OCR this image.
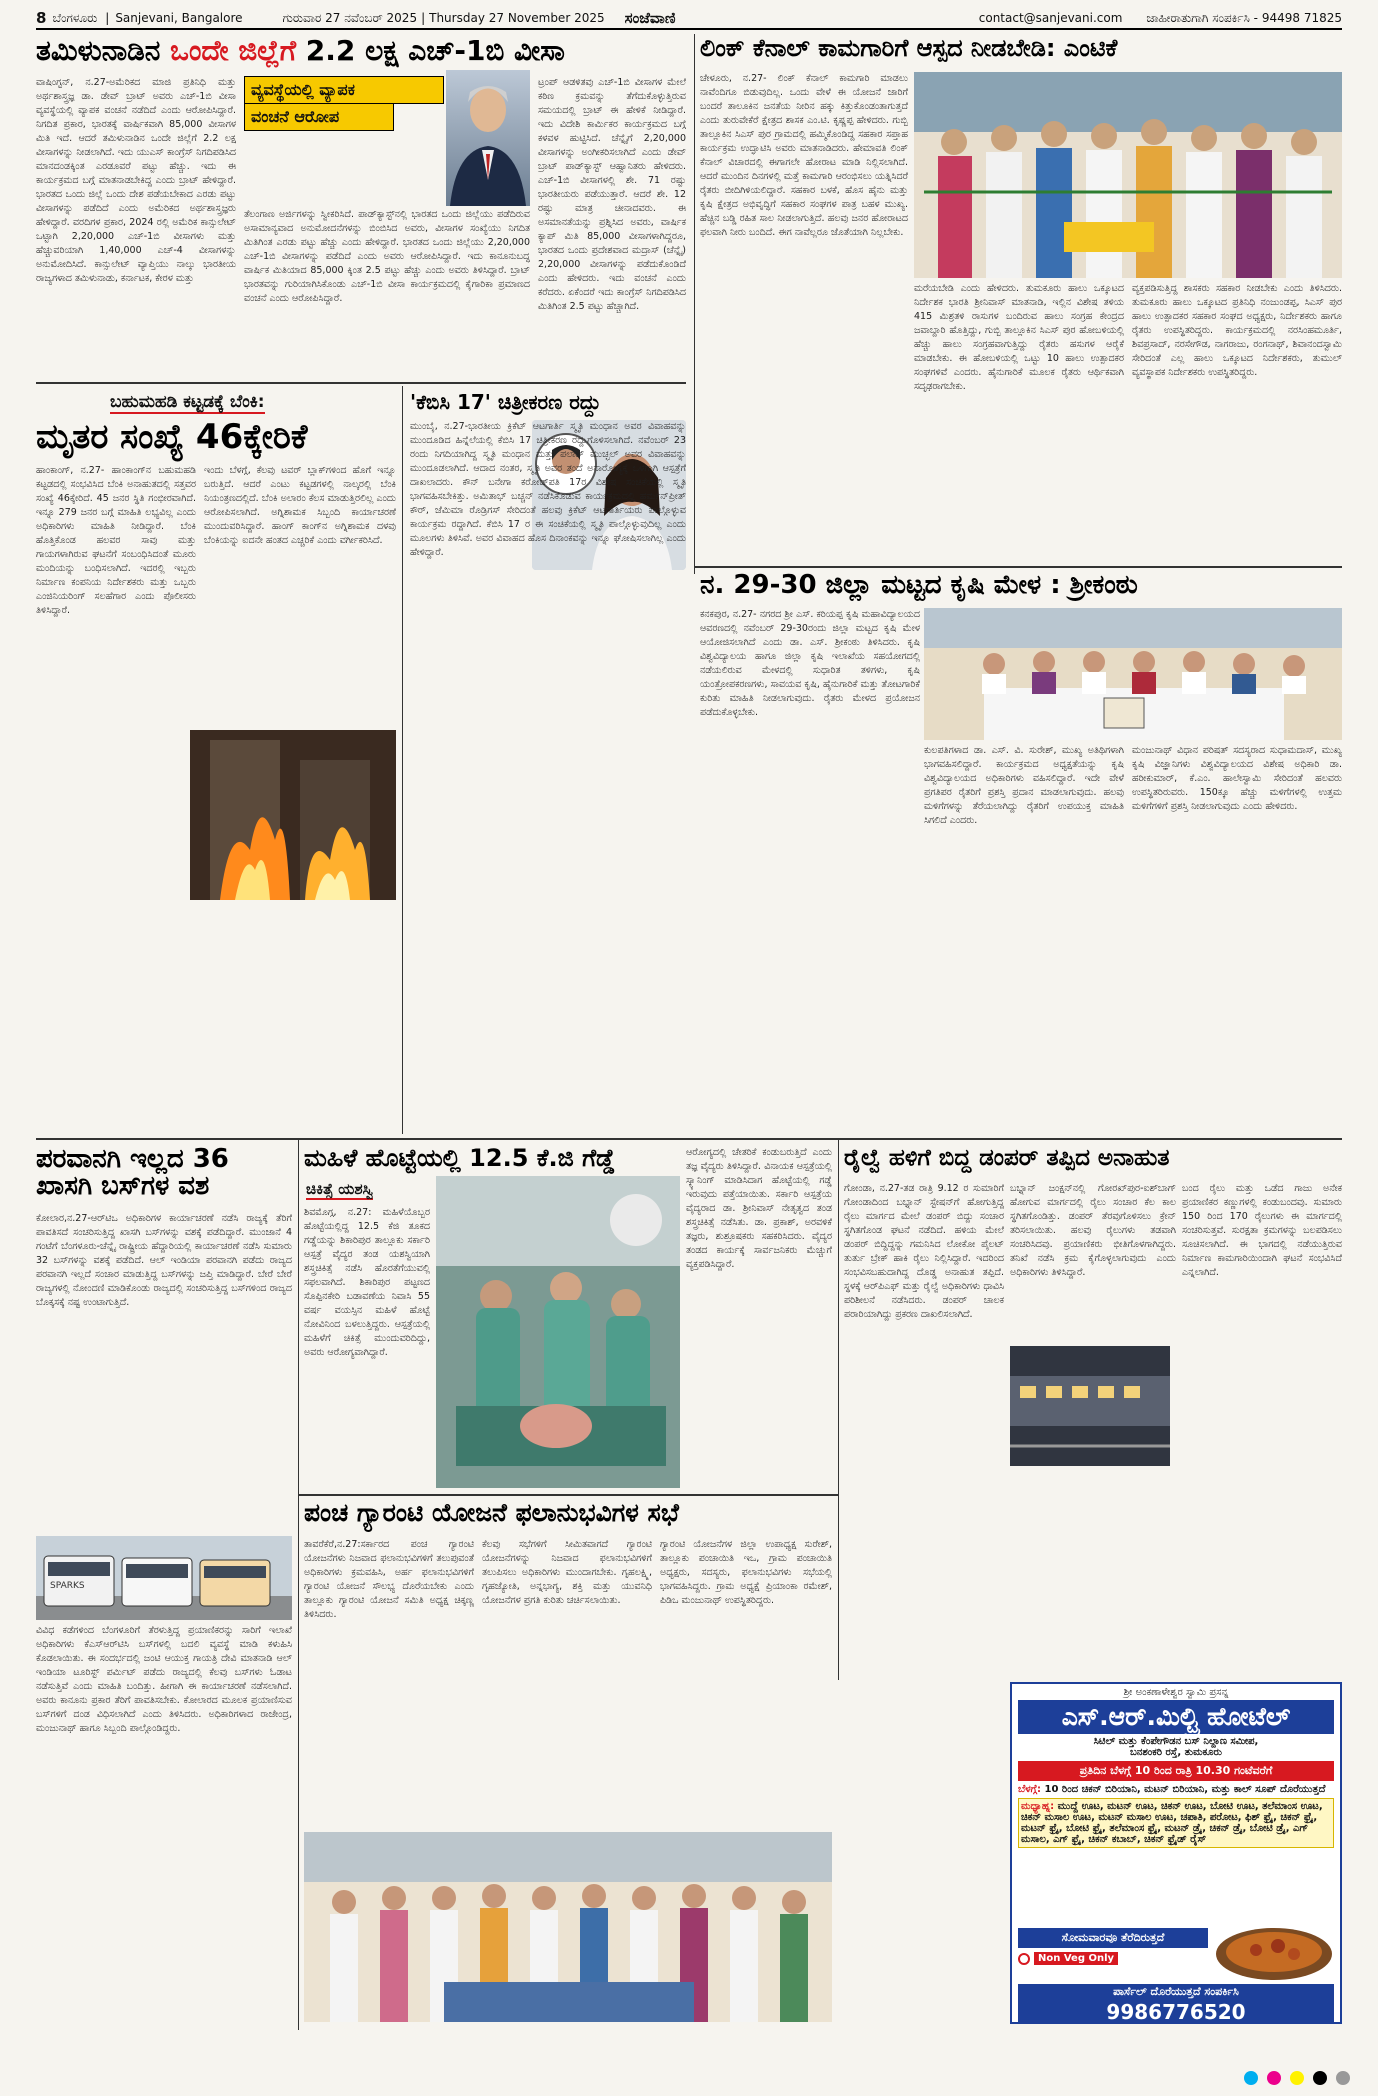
8 ಬೆಂಗಳೂರು | Sanjevani, Bangalore	ಗುರುವಾರ 27 ನವೆಂಬರ್ 2025 | Thursday 27 November 2025 ಸಂಜೆವಾಣಿ	contact@sanjevani.com ಜಾಹೀರಾತುಗಾಗಿ ಸಂಪರ್ಕಿಸಿ - 94498 71825
ತಮಿಳುನಾಡಿನ ಒಂದೇ ಜಿಲ್ಲೆಗೆ 2.2 ಲಕ್ಷ ಎಚ್-1ಬಿ ವೀಸಾ
ವಾಷಿಂಗ್ಟನ್, ನ.27-ಅಮೆರಿಕದ ಮಾಜಿ ಪ್ರತಿನಿಧಿ ಮತ್ತು ಅರ್ಥಶಾಸ್ತ್ರಜ್ಞ ಡಾ. ಡೇವ್ ಬ್ರಾಟ್ ಅವರು ಎಚ್-1ಬಿ ವೀಸಾ ವ್ಯವಸ್ಥೆಯಲ್ಲಿ ವ್ಯಾಪಕ ವಂಚನೆ ನಡೆದಿದೆ ಎಂದು ಆರೋಪಿಸಿದ್ದಾರೆ. ನಿಗದಿತ ಪ್ರಕಾರ, ಭಾರತಕ್ಕೆ ವಾರ್ಷಿಕವಾಗಿ 85,000 ವೀಸಾಗಳ ಮಿತಿ ಇದೆ. ಆದರೆ ತಮಿಳುನಾಡಿನ ಒಂದೇ ಜಿಲ್ಲೆಗೆ 2.2 ಲಕ್ಷ ವೀಸಾಗಳನ್ನು ನೀಡಲಾಗಿದೆ. ಇದು ಯುಎಸ್ ಕಾಂಗ್ರೆಸ್ ನಿಗದಿಪಡಿಸಿದ ಮಾನದಂಡಕ್ಕಿಂತ ಎರಡೂವರೆ ಪಟ್ಟು ಹೆಚ್ಚು. ಇದು ಈ ಕಾರ್ಯಕ್ರಮದ ಬಗ್ಗೆ ಮಾತನಾಡಬೇಕಿದ್ದ ಎಂದು ಬ್ರಾಟ್ ಹೇಳಿದ್ದಾರೆ. ಭಾರತದ ಒಂದು ಜಿಲ್ಲೆ ಒಂದು ದೇಶ ಪಡೆಯಬೇಕಾದ ಎರಡು ಪಟ್ಟು ವೀಸಾಗಳನ್ನು ಪಡೆದಿದೆ ಎಂದು ಅಮೆರಿಕದ ಅರ್ಥಶಾಸ್ತ್ರಜ್ಞರು ಹೇಳಿದ್ದಾರೆ. ವರದಿಗಳ ಪ್ರಕಾರ, 2024 ರಲ್ಲಿ ಅಮೆರಿಕ ಕಾನ್ಸುಲೇಟ್ ಒಟ್ಟಾಗಿ 2,20,000 ಎಚ್-1ಬಿ ವೀಸಾಗಳು ಮತ್ತು ಹೆಚ್ಚುವರಿಯಾಗಿ 1,40,000 ಎಚ್-4 ವೀಸಾಗಳನ್ನು ಅನುಮೋದಿಸಿದೆ. ಕಾನ್ಸುಲೇಟ್ ವ್ಯಾಪ್ತಿಯು ನಾಲ್ಕು ಭಾರತೀಯ ರಾಜ್ಯಗಳಾದ ತಮಿಳುನಾಡು, ಕರ್ನಾಟಕ, ಕೇರಳ ಮತ್ತು
ವ್ಯವಸ್ಥೆಯಲ್ಲಿ ವ್ಯಾಪಕ
ವಂಚನೆ ಆರೋಪ
ತೆಲಂಗಾಣ ಅರ್ಜಿಗಳನ್ನು ಸ್ವೀಕರಿಸಿದೆ. ಪಾಡ್‌ಕ್ಯಾಸ್ಟ್‌ನಲ್ಲಿ ಭಾರತದ ಒಂದು ಜಿಲ್ಲೆಯು ಪಡೆದಿರುವ ಅಸಾಮಾನ್ಯವಾದ ಅನುಮೋದನೆಗಳನ್ನು ಬಿಂಬಿಸಿದ ಅವರು, ವೀಸಾಗಳ ಸಂಖ್ಯೆಯು ನಿಗದಿತ ಮಿತಿಗಿಂತ ಎರಡು ಪಟ್ಟು ಹೆಚ್ಚು ಎಂದು ಹೇಳಿದ್ದಾರೆ. ಭಾರತದ ಒಂದು ಜಿಲ್ಲೆಯು 2,20,000 ಎಚ್-1ಬಿ ವೀಸಾಗಳನ್ನು ಪಡೆದಿದೆ ಎಂದು ಅವರು ಆರೋಪಿಸಿದ್ದಾರೆ. ಇದು ಕಾನೂನುಬದ್ಧ ವಾರ್ಷಿಕ ಮಿತಿಯಾದ 85,000 ಕ್ಕಿಂತ 2.5 ಪಟ್ಟು ಹೆಚ್ಚು ಎಂದು ಅವರು ತಿಳಿಸಿದ್ದಾರೆ. ಬ್ರಾಟ್ ಭಾರತವನ್ನು ಗುರಿಯಾಗಿಸಿಕೊಂಡು ಎಚ್-1ಬಿ ವೀಸಾ ಕಾರ್ಯಕ್ರಮದಲ್ಲಿ ಕೈಗಾರಿಕಾ ಪ್ರಮಾಣದ ವಂಚನೆ ಎಂದು ಆರೋಪಿಸಿದ್ದಾರೆ.
ಟ್ರಂಪ್ ಆಡಳಿತವು ಎಚ್-1ಬಿ ವೀಸಾಗಳ ಮೇಲೆ ಕಠಿಣ ಕ್ರಮವನ್ನು ತೆಗೆದುಕೊಳ್ಳುತ್ತಿರುವ ಸಮಯದಲ್ಲಿ ಬ್ರಾಟ್ ಈ ಹೇಳಿಕೆ ನೀಡಿದ್ದಾರೆ. ಇದು ವಿದೇಶಿ ಕಾರ್ಮಿಕರ ಕಾರ್ಯಕ್ರಮದ ಬಗ್ಗೆ ಕಳವಳ ಹುಟ್ಟಿಸಿದೆ. ಚೆನ್ನೈಗೆ 2,20,000 ವೀಸಾಗಳನ್ನು ಅಂಗೀಕರಿಸಲಾಗಿದೆ ಎಂದು ಡೇವ್ ಬ್ರಾಟ್ ಪಾಡ್‌ಕ್ಯಾಸ್ಟ್ ಆಹ್ವಾನಿತರು ಹೇಳಿದರು. ಎಚ್-1ಬಿ ವೀಸಾಗಳಲ್ಲಿ ಶೇ. 71 ರಷ್ಟು ಭಾರತೀಯರು ಪಡೆಯುತ್ತಾರೆ. ಆದರೆ ಶೇ. 12 ರಷ್ಟು ಮಾತ್ರ ಚೀನಾದವರು. ಈ ಅಸಮಾನತೆಯನ್ನು ಪ್ರಶ್ನಿಸಿದ ಅವರು, ವಾರ್ಷಿಕ ಕ್ಯಾಪ್ ಮಿತಿ 85,000 ವೀಸಾಗಳಾಗಿದ್ದರೂ, ಭಾರತದ ಒಂದು ಪ್ರದೇಶವಾದ ಮದ್ರಾಸ್ (ಚೆನ್ನೈ) 2,20,000 ವೀಸಾಗಳನ್ನು ಪಡೆದುಕೊಂಡಿದೆ ಎಂದು ಹೇಳಿದರು. ಇದು ವಂಚನೆ ಎಂದು ಕರೆದರು. ಏಕೆಂದರೆ ಇದು ಕಾಂಗ್ರೆಸ್ ನಿಗದಿಪಡಿಸಿದ ಮಿತಿಗಿಂತ 2.5 ಪಟ್ಟು ಹೆಚ್ಚಾಗಿದೆ.
ಲಿಂಕ್ ಕೆನಾಲ್ ಕಾಮಗಾರಿಗೆ ಆಸ್ಪದ ನೀಡಬೇಡಿ: ಎಂಟಿಕೆ
ಚೇಳೂರು, ನ.27- ಲಿಂಕ್ ಕೆನಾಲ್ ಕಾಮಗಾರಿ ಮಾಡಲು ನಾವೆಂದಿಗೂ ಬಿಡುವುದಿಲ್ಲ. ಒಂದು ವೇಳೆ ಈ ಯೋಜನೆ ಜಾರಿಗೆ ಬಂದರೆ ತಾಲೂಕಿನ ಜನತೆಯ ನೀರಿನ ಹಕ್ಕು ಕಿತ್ತುಕೊಂಡಂತಾಗುತ್ತದೆ ಎಂದು ತುರುವೇಕೆರೆ ಕ್ಷೇತ್ರದ ಶಾಸಕ ಎಂ.ಟಿ. ಕೃಷ್ಣಪ್ಪ ಹೇಳಿದರು. ಗುಬ್ಬಿ ತಾಲ್ಲೂಕಿನ ಸಿಎಸ್ ಪುರ ಗ್ರಾಮದಲ್ಲಿ ಹಮ್ಮಿಕೊಂಡಿದ್ದ ಸಹಕಾರ ಸಪ್ತಾಹ ಕಾರ್ಯಕ್ರಮ ಉದ್ಘಾಟಿಸಿ ಅವರು ಮಾತನಾಡಿದರು. ಹೇಮಾವತಿ ಲಿಂಕ್ ಕೆನಾಲ್ ವಿಚಾರದಲ್ಲಿ ಈಗಾಗಲೇ ಹೋರಾಟ ಮಾಡಿ ನಿಲ್ಲಿಸಲಾಗಿದೆ. ಆದರೆ ಮುಂದಿನ ದಿನಗಳಲ್ಲಿ ಮತ್ತೆ ಕಾಮಗಾರಿ ಆರಂಭಿಸಲು ಯತ್ನಿಸಿದರೆ ರೈತರು ಬೀದಿಗಿಳಿಯಲಿದ್ದಾರೆ. ಸಹಕಾರ ಬಳಕೆ, ಹೊಸ ಹೈನು ಮತ್ತು ಕೃಷಿ ಕ್ಷೇತ್ರದ ಅಭಿವೃದ್ಧಿಗೆ ಸಹಕಾರ ಸಂಘಗಳ ಪಾತ್ರ ಬಹಳ ಮುಖ್ಯ. ಹೆಚ್ಚಿನ ಬಡ್ಡಿ ರಹಿತ ಸಾಲ ನೀಡಲಾಗುತ್ತಿದೆ. ಹಲವು ಜನರ ಹೋರಾಟದ ಫಲವಾಗಿ ನೀರು ಬಂದಿದೆ. ಈಗ ನಾವೆಲ್ಲರೂ ಜೊತೆಯಾಗಿ ನಿಲ್ಲಬೇಕು.
ಮರೆಯಬೇಡಿ ಎಂದು ಹೇಳಿದರು. ತುಮಕೂರು ಹಾಲು ಒಕ್ಕೂಟದ ನಿರ್ದೇಶಕ ಭಾರತಿ ಶ್ರೀನಿವಾಸ್ ಮಾತನಾಡಿ, ಇಲ್ಲಿನ ವಿಶೇಷ ತಳಿಯ 415 ಮಿಶ್ರತಳಿ ರಾಸುಗಳ ಬಂದಿರುವ ಹಾಲು ಸಂಗ್ರಹ ಕೇಂದ್ರದ ಜವಾಬ್ದಾರಿ ಹೊತ್ತಿದ್ದು, ಗುಬ್ಬಿ ತಾಲ್ಲೂಕಿನ ಸಿಎಸ್ ಪುರ ಹೋಬಳಿಯಲ್ಲಿ ಹೆಚ್ಚು ಹಾಲು ಸಂಗ್ರಹವಾಗುತ್ತಿದ್ದು ರೈತರು ಹಸುಗಳ ಆರೈಕೆ ಮಾಡಬೇಕು. ಈ ಹೋಬಳಿಯಲ್ಲಿ ಒಟ್ಟು 10 ಹಾಲು ಉತ್ಪಾದಕರ ಸಂಘಗಳಿವೆ ಎಂದರು. ಹೈನುಗಾರಿಕೆ ಮೂಲಕ ರೈತರು ಆರ್ಥಿಕವಾಗಿ ಸದೃಢರಾಗಬೇಕು.
ವ್ಯಕ್ತಪಡಿಸುತ್ತಿದ್ದ ಶಾಸಕರು ಸಹಕಾರ ನೀಡಬೇಕು ಎಂದು ತಿಳಿಸಿದರು. ತುಮಕೂರು ಹಾಲು ಒಕ್ಕೂಟದ ಪ್ರತಿನಿಧಿ ನಂಜುಂಡಪ್ಪ, ಸಿಎಸ್ ಪುರ ಹಾಲು ಉತ್ಪಾದಕರ ಸಹಕಾರ ಸಂಘದ ಅಧ್ಯಕ್ಷರು, ನಿರ್ದೇಶಕರು ಹಾಗೂ ರೈತರು ಉಪಸ್ಥಿತರಿದ್ದರು. ಕಾರ್ಯಕ್ರಮದಲ್ಲಿ ನರಸಿಂಹಮೂರ್ತಿ, ಶಿವಪ್ರಸಾದ್, ನರಸೇಗೌಡ, ನಾಗರಾಜು, ರಂಗನಾಥ್, ಶಿವಾನಂದಸ್ವಾಮಿ ಸೇರಿದಂತೆ ಎಲ್ಲ ಹಾಲು ಒಕ್ಕೂಟದ ನಿರ್ದೇಶಕರು, ತುಮುಲ್ ವ್ಯವಸ್ಥಾಪಕ ನಿರ್ದೇಶಕರು ಉಪಸ್ಥಿತರಿದ್ದರು.
ಬಹುಮಹಡಿ ಕಟ್ಟಡಕ್ಕೆ ಬೆಂಕಿ:
ಮೃತರ ಸಂಖ್ಯೆ 46ಕ್ಕೇರಿಕೆ
ಹಾಂಕಾಂಗ್, ನ.27- ಹಾಂಕಾಂಗ್‌ನ ಬಹುಮಹಡಿ ಕಟ್ಟಡದಲ್ಲಿ ಸಂಭವಿಸಿದ ಬೆಂಕಿ ಅನಾಹುತದಲ್ಲಿ ಸತ್ತವರ ಸಂಖ್ಯೆ 46ಕ್ಕೇರಿದೆ. 45 ಜನರ ಸ್ಥಿತಿ ಗಂಭೀರವಾಗಿದೆ. ಇನ್ನೂ 279 ಜನರ ಬಗ್ಗೆ ಮಾಹಿತಿ ಲಭ್ಯವಿಲ್ಲ ಎಂದು ಅಧಿಕಾರಿಗಳು ಮಾಹಿತಿ ನೀಡಿದ್ದಾರೆ. ಬೆಂಕಿ ಹೊತ್ತಿಕೊಂಡ ಹಲವರ ಸಾವು ಮತ್ತು ಗಾಯಗಳಾಗಿರುವ ಘಟನೆಗೆ ಸಂಬಂಧಿಸಿದಂತೆ ಮೂರು ಮಂದಿಯನ್ನು ಬಂಧಿಸಲಾಗಿದೆ. ಇದರಲ್ಲಿ ಇಬ್ಬರು ನಿರ್ಮಾಣ ಕಂಪನಿಯ ನಿರ್ದೇಶಕರು ಮತ್ತು ಒಬ್ಬರು ಎಂಜಿನಿಯರಿಂಗ್ ಸಲಹೆಗಾರ ಎಂದು ಪೊಲೀಸರು ತಿಳಿಸಿದ್ದಾರೆ.
ಇಂದು ಬೆಳಗ್ಗೆ, ಕೆಲವು ಟವರ್ ಬ್ಲಾಕ್‌ಗಳಿಂದ ಹೊಗೆ ಇನ್ನೂ ಬರುತ್ತಿದೆ. ಆದರೆ ಎಂಟು ಕಟ್ಟಡಗಳಲ್ಲಿ ನಾಲ್ಕರಲ್ಲಿ ಬೆಂಕಿ ನಿಯಂತ್ರಣದಲ್ಲಿದೆ. ಬೆಂಕಿ ಅಲಾರಂ ಕೆಲಸ ಮಾಡುತ್ತಿರಲಿಲ್ಲ ಎಂದು ಆರೋಪಿಸಲಾಗಿದೆ. ಅಗ್ನಿಶಾಮಕ ಸಿಬ್ಬಂದಿ ಕಾರ್ಯಾಚರಣೆ ಮುಂದುವರಿಸಿದ್ದಾರೆ. ಹಾಂಗ್ ಕಾಂಗ್‌ನ ಅಗ್ನಿಶಾಮಕ ದಳವು ಬೆಂಕಿಯನ್ನು ಐದನೇ ಹಂತದ ಎಚ್ಚರಿಕೆ ಎಂದು ವರ್ಗೀಕರಿಸಿದೆ.
'ಕೆಬಿಸಿ 17' ಚಿತ್ರೀಕರಣ ರದ್ದು
ಮುಂಬೈ, ನ.27-ಭಾರತೀಯ ಕ್ರಿಕೆಟ್ ಆಟಗಾರ್ತಿ ಸ್ಮೃತಿ ಮಂಧಾನ ಅವರ ವಿವಾಹವನ್ನು ಮುಂದೂಡಿದ ಹಿನ್ನೆಲೆಯಲ್ಲಿ ಕೆಬಿಸಿ 17 ಚಿತ್ರೀಕರಣ ರದ್ದುಗೊಳಿಸಲಾಗಿದೆ. ನವೆಂಬರ್ 23 ರಂದು ನಿಗದಿಯಾಗಿದ್ದ ಸ್ಮೃತಿ ಮಂಧಾನ ಮತ್ತು ಪಲಾಶ್ ಮುಚ್ಛಲ್ ಅವರ ವಿವಾಹವನ್ನು ಮುಂದೂಡಲಾಗಿದೆ. ಆದಾದ ನಂತರ, ಸ್ಮೃತಿ ಅವರ ತಂದೆ ಅನಾರೋಗ್ಯಕ್ಕೆ ಒಳಗಾಗಿ ಆಸ್ಪತ್ರೆಗೆ ದಾಖಲಾದರು. ಕೌನ್ ಬನೇಗಾ ಕರೋಡ್‌ಪತಿ 17ರ ವಿಶೇಷ ಸಂಚಿಕೆಯಲ್ಲಿ ಸ್ಮೃತಿ ಭಾಗವಹಿಸಬೇಕಿತ್ತು. ಅಮಿತಾಭ್ ಬಚ್ಚನ್ ನಡೆಸಿಕೊಡುವ ಕಾರ್ಯಕ್ರಮದಲ್ಲಿ ಹರ್ಮನ್‌ಪ್ರೀತ್ ಕೌರ್, ಜೆಮಿಮಾ ರೊಡ್ರಿಗಸ್ ಸೇರಿದಂತೆ ಹಲವು ಕ್ರಿಕೆಟ್ ಆಟಗಾರ್ತಿಯರು ಪಾಲ್ಗೊಳ್ಳುವ ಕಾರ್ಯಕ್ರಮ ರದ್ದಾಗಿದೆ. ಕೆಬಿಸಿ 17 ರ ಈ ಸಂಚಿಕೆಯಲ್ಲಿ ಸ್ಮೃತಿ ಪಾಲ್ಗೊಳ್ಳುವುದಿಲ್ಲ ಎಂದು ಮೂಲಗಳು ತಿಳಿಸಿವೆ. ಅವರ ವಿವಾಹದ ಹೊಸ ದಿನಾಂಕವನ್ನು ಇನ್ನೂ ಘೋಷಿಸಲಾಗಿಲ್ಲ ಎಂದು ಹೇಳಿದ್ದಾರೆ.
ನ. 29-30 ಜಿಲ್ಲಾ ಮಟ್ಟದ ಕೃಷಿ ಮೇಳ : ಶ್ರೀಕಂಠು
ಕನಕಪುರ, ನ.27- ನಗರದ ಶ್ರೀ ಎಸ್. ಕರಿಯಪ್ಪ ಕೃಷಿ ಮಹಾವಿದ್ಯಾಲಯದ ಆವರಣದಲ್ಲಿ ನವೆಂಬರ್ 29-30ರಂದು ಜಿಲ್ಲಾ ಮಟ್ಟದ ಕೃಷಿ ಮೇಳ ಆಯೋಜಿಸಲಾಗಿದೆ ಎಂದು ಡಾ. ಎಸ್. ಶ್ರೀಕಂಠು ತಿಳಿಸಿದರು. ಕೃಷಿ ವಿಶ್ವವಿದ್ಯಾಲಯ ಹಾಗೂ ಜಿಲ್ಲಾ ಕೃಷಿ ಇಲಾಖೆಯ ಸಹಯೋಗದಲ್ಲಿ ನಡೆಯಲಿರುವ ಮೇಳದಲ್ಲಿ ಸುಧಾರಿತ ತಳಿಗಳು, ಕೃಷಿ ಯಂತ್ರೋಪಕರಣಗಳು, ಸಾವಯವ ಕೃಷಿ, ಹೈನುಗಾರಿಕೆ ಮತ್ತು ತೋಟಗಾರಿಕೆ ಕುರಿತು ಮಾಹಿತಿ ನೀಡಲಾಗುವುದು. ರೈತರು ಮೇಳದ ಪ್ರಯೋಜನ ಪಡೆದುಕೊಳ್ಳಬೇಕು.
ಕುಲಪತಿಗಳಾದ ಡಾ. ಎಸ್. ವಿ. ಸುರೇಶ್, ಮುಖ್ಯ ಅತಿಥಿಗಳಾಗಿ ಭಾಗವಹಿಸಲಿದ್ದಾರೆ. ಕಾರ್ಯಕ್ರಮದ ಅಧ್ಯಕ್ಷತೆಯನ್ನು ಕೃಷಿ ವಿಶ್ವವಿದ್ಯಾಲಯದ ಅಧಿಕಾರಿಗಳು ವಹಿಸಲಿದ್ದಾರೆ. ಇದೇ ವೇಳೆ ಪ್ರಗತಿಪರ ರೈತರಿಗೆ ಪ್ರಶಸ್ತಿ ಪ್ರದಾನ ಮಾಡಲಾಗುವುದು. ಹಲವು ಮಳಿಗೆಗಳನ್ನು ತೆರೆಯಲಾಗಿದ್ದು ರೈತರಿಗೆ ಉಪಯುಕ್ತ ಮಾಹಿತಿ ಸಿಗಲಿದೆ ಎಂದರು.
ಮಂಜುನಾಥ್ ವಿಧಾನ ಪರಿಷತ್ ಸದಸ್ಯರಾದ ಸುಧಾಮದಾಸ್, ಮುಖ್ಯ ಕೃಷಿ ವಿಜ್ಞಾನಿಗಳು ವಿಶ್ವವಿದ್ಯಾಲಯದ ವಿಶೇಷ ಅಧಿಕಾರಿ ಡಾ. ಹರೀಕುಮಾರ್, ಕೆ.ಎಂ. ಹಾಲೇಸ್ವಾಮಿ ಸೇರಿದಂತೆ ಹಲವರು ಉಪಸ್ಥಿತರಿರುವರು. 150ಕ್ಕೂ ಹೆಚ್ಚು ಮಳಿಗೆಗಳಲ್ಲಿ ಉತ್ತಮ ಮಳಿಗೆಗಳಿಗೆ ಪ್ರಶಸ್ತಿ ನೀಡಲಾಗುವುದು ಎಂದು ಹೇಳಿದರು.
ಪರವಾನಗಿ ಇಲ್ಲದ 36
ಖಾಸಗಿ ಬಸ್‌ಗಳ ವಶ
ಕೋಲಾರ,ನ.27-ಆರ್‌ಟಿಒ ಅಧಿಕಾರಿಗಳ ಕಾರ್ಯಾಚರಣೆ ನಡೆಸಿ ರಾಜ್ಯಕ್ಕೆ ತೆರಿಗೆ ಪಾವತಿಸದೆ ಸಂಚರಿಸುತ್ತಿದ್ದ ಖಾಸಗಿ ಬಸ್‌ಗಳನ್ನು ವಶಕ್ಕೆ ಪಡೆದಿದ್ದಾರೆ. ಮುಂಜಾನೆ 4 ಗಂಟೆಗೆ ಬೆಂಗಳೂರು-ಚೆನ್ನೈ ರಾಷ್ಟ್ರೀಯ ಹೆದ್ದಾರಿಯಲ್ಲಿ ಕಾರ್ಯಾಚರಣೆ ನಡೆಸಿ ಸುಮಾರು 32 ಬಸ್‌ಗಳನ್ನು ವಶಕ್ಕೆ ಪಡೆದಿದೆ. ಆಲ್ ಇಂಡಿಯಾ ಪರವಾನಗಿ ಪಡೆದು ರಾಜ್ಯದ ಪರವಾನಗಿ ಇಲ್ಲದೆ ಸಂಚಾರ ಮಾಡುತ್ತಿದ್ದ ಬಸ್‌ಗಳನ್ನು ಜಪ್ತಿ ಮಾಡಿದ್ದಾರೆ. ಬೇರೆ ಬೇರೆ ರಾಜ್ಯಗಳಲ್ಲಿ ನೋಂದಣಿ ಮಾಡಿಕೊಂಡು ರಾಜ್ಯದಲ್ಲಿ ಸಂಚರಿಸುತ್ತಿದ್ದ ಬಸ್‌ಗಳಿಂದ ರಾಜ್ಯದ ಬೊಕ್ಕಸಕ್ಕೆ ನಷ್ಟ ಉಂಟಾಗುತ್ತಿದೆ.
SPARKS
ವಿವಿಧ ಕಡೆಗಳಿಂದ ಬೆಂಗಳೂರಿಗೆ ತೆರಳುತ್ತಿದ್ದ ಪ್ರಯಾಣಿಕರನ್ನು ಸಾರಿಗೆ ಇಲಾಖೆ ಅಧಿಕಾರಿಗಳು ಕೆಎಸ್‌ಆರ್‌ಟಿಸಿ ಬಸ್‌ಗಳಲ್ಲಿ ಬದಲಿ ವ್ಯವಸ್ಥೆ ಮಾಡಿ ಕಳುಹಿಸಿ ಕೊಡಲಾಯಿತು. ಈ ಸಂದರ್ಭದಲ್ಲಿ ಜಂಟಿ ಆಯುಕ್ತ ಗಾಯತ್ರಿ ದೇವಿ ಮಾತನಾಡಿ ಆಲ್ ಇಂಡಿಯಾ ಟೂರಿಸ್ಟ್ ಪರ್ಮಿಟ್ ಪಡೆದು ರಾಜ್ಯದಲ್ಲಿ ಕೆಲವು ಬಸ್‌ಗಳು ಓಡಾಟ ನಡೆಸುತ್ತಿವೆ ಎಂದು ಮಾಹಿತಿ ಬಂದಿತ್ತು. ಹೀಗಾಗಿ ಈ ಕಾರ್ಯಾಚರಣೆ ನಡೆಸಲಾಗಿದೆ. ಅವರು ಕಾನೂನು ಪ್ರಕಾರ ತೆರಿಗೆ ಪಾವತಿಸಬೇಕು. ಕೋಲಾರದ ಮೂಲಕ ಪ್ರಯಾಣಿಸುವ ಬಸ್‌ಗಳಿಗೆ ದಂಡ ವಿಧಿಸಲಾಗಿದೆ ಎಂದು ತಿಳಿಸಿದರು. ಅಧಿಕಾರಿಗಳಾದ ರಾಜೇಂದ್ರ, ಮಂಜುನಾಥ್ ಹಾಗೂ ಸಿಬ್ಬಂದಿ ಪಾಲ್ಗೊಂಡಿದ್ದರು.
ಮಹಿಳೆ ಹೊಟ್ಟೆಯಲ್ಲಿ 12.5 ಕೆ.ಜಿ ಗೆಡ್ಡೆ
ಚಿಕಿತ್ಸೆ ಯಶಸ್ವಿ
ಶಿವಮೊಗ್ಗ, ನ.27: ಮಹಿಳೆಯೊಬ್ಬರ ಹೊಟ್ಟೆಯಲ್ಲಿದ್ದ 12.5 ಕೆಜಿ ತೂಕದ ಗಡ್ಡೆಯನ್ನು ಶಿಕಾರಿಪುರ ತಾಲ್ಲೂಕು ಸರ್ಕಾರಿ ಆಸ್ಪತ್ರೆ ವೈದ್ಯರ ತಂಡ ಯಶಸ್ವಿಯಾಗಿ ಶಸ್ತ್ರಚಿಕಿತ್ಸೆ ನಡೆಸಿ ಹೊರತೆಗೆಯುವಲ್ಲಿ ಸಫಲವಾಗಿದೆ. ಶಿಕಾರಿಪುರ ಪಟ್ಟಣದ ಸೊಪ್ಪಿನಕೇರಿ ಬಡಾವಣೆಯ ನಿವಾಸಿ 55 ವರ್ಷ ವಯಸ್ಸಿನ ಮಹಿಳೆ ಹೊಟ್ಟೆ ನೋವಿನಿಂದ ಬಳಲುತ್ತಿದ್ದರು. ಆಸ್ಪತ್ರೆಯಲ್ಲಿ ಮಹಿಳೆಗೆ ಚಿಕಿತ್ಸೆ ಮುಂದುವರಿದಿದ್ದು, ಅವರು ಆರೋಗ್ಯವಾಗಿದ್ದಾರೆ.
ಆರೋಗ್ಯದಲ್ಲಿ ಚೇತರಿಕೆ ಕಂಡುಬರುತ್ತಿದೆ ಎಂದು ತಜ್ಞ ವೈದ್ಯರು ತಿಳಿಸಿದ್ದಾರೆ. ವಿನಾಯಕ ಆಸ್ಪತ್ರೆಯಲ್ಲಿ ಸ್ಕ್ಯಾನಿಂಗ್ ಮಾಡಿಸಿದಾಗ ಹೊಟ್ಟೆಯಲ್ಲಿ ಗಡ್ಡೆ ಇರುವುದು ಪತ್ತೆಯಾಯಿತು. ಸರ್ಕಾರಿ ಆಸ್ಪತ್ರೆಯ ವೈದ್ಯರಾದ ಡಾ. ಶ್ರೀನಿವಾಸ್ ನೇತೃತ್ವದ ತಂಡ ಶಸ್ತ್ರಚಿಕಿತ್ಸೆ ನಡೆಸಿತು. ಡಾ. ಪ್ರಕಾಶ್, ಅರವಳಿಕೆ ತಜ್ಞರು, ಶುಶ್ರೂಷಕರು ಸಹಕರಿಸಿದರು. ವೈದ್ಯರ ತಂಡದ ಕಾರ್ಯಕ್ಕೆ ಸಾರ್ವಜನಿಕರು ಮೆಚ್ಚುಗೆ ವ್ಯಕ್ತಪಡಿಸಿದ್ದಾರೆ.
ರೈಲ್ವೆ ಹಳಿಗೆ ಬಿದ್ದ ಡಂಪರ್ ತಪ್ಪಿದ ಅನಾಹುತ
ಗೋಂಡಾ, ನ.27-ತಡ ರಾತ್ರಿ 9.12 ರ ಸುಮಾರಿಗೆ ಗೋಂಡಾದಿಂದ ಬಭ್ನಾನ್ ಸ್ಟೇಷನ್‌ಗೆ ಹೋಗುತ್ತಿದ್ದ ರೈಲು ಮಾರ್ಗದ ಮೇಲೆ ಡಂಪರ್ ಬಿದ್ದು ಸಂಚಾರ ಸ್ಥಗಿತಗೊಂಡ ಘಟನೆ ನಡೆದಿದೆ. ಹಳಿಯ ಮೇಲೆ ಡಂಪರ್ ಬಿದ್ದಿದ್ದನ್ನು ಗಮನಿಸಿದ ಲೋಕೋ ಪೈಲಟ್ ತುರ್ತು ಬ್ರೇಕ್ ಹಾಕಿ ರೈಲು ನಿಲ್ಲಿಸಿದ್ದಾರೆ. ಇದರಿಂದ ಸಂಭವಿಸಬಹುದಾಗಿದ್ದ ದೊಡ್ಡ ಅನಾಹುತ ತಪ್ಪಿದೆ. ಸ್ಥಳಕ್ಕೆ ಆರ್‌ಪಿಎಫ್ ಮತ್ತು ರೈಲ್ವೆ ಅಧಿಕಾರಿಗಳು ಧಾವಿಸಿ ಪರಿಶೀಲನೆ ನಡೆಸಿದರು. ಡಂಪರ್ ಚಾಲಕ ಪರಾರಿಯಾಗಿದ್ದು ಪ್ರಕರಣ ದಾಖಲಿಸಲಾಗಿದೆ.
ಬಭ್ನಾನ್ ಜಂಕ್ಷನ್‌ನಲ್ಲಿ ಗೋರಖ್‌ಪುರ-ಐಶ್‌ಬಾಗ್ ಹೋಗುವ ಮಾರ್ಗದಲ್ಲಿ ರೈಲು ಸಂಚಾರ ಕೆಲ ಕಾಲ ಸ್ಥಗಿತಗೊಂಡಿತ್ತು. ಡಂಪರ್ ತೆರವುಗೊಳಿಸಲು ಕ್ರೇನ್ ತರಿಸಲಾಯಿತು. ಹಲವು ರೈಲುಗಳು ತಡವಾಗಿ ಸಂಚರಿಸಿದವು. ಪ್ರಯಾಣಿಕರು ಭೀತಿಗೊಳಗಾಗಿದ್ದರು. ತನಿಖೆ ನಡೆಸಿ ಕ್ರಮ ಕೈಗೊಳ್ಳಲಾಗುವುದು ಎಂದು ಅಧಿಕಾರಿಗಳು ತಿಳಿಸಿದ್ದಾರೆ.
ಬಂದ ರೈಲು ಮತ್ತು ಒಡೆದ ಗಾಜು ಅನೇಕ ಪ್ರಯಾಣಿಕರ ಕಣ್ಣುಗಳಲ್ಲಿ ಕಂಡುಬಂದವು. ಸುಮಾರು 150 ರಿಂದ 170 ರೈಲುಗಳು ಈ ಮಾರ್ಗದಲ್ಲಿ ಸಂಚರಿಸುತ್ತವೆ. ಸುರಕ್ಷತಾ ಕ್ರಮಗಳನ್ನು ಬಲಪಡಿಸಲು ಸೂಚಿಸಲಾಗಿದೆ. ಈ ಭಾಗದಲ್ಲಿ ನಡೆಯುತ್ತಿರುವ ನಿರ್ಮಾಣ ಕಾಮಗಾರಿಯಿಂದಾಗಿ ಘಟನೆ ಸಂಭವಿಸಿದೆ ಎನ್ನಲಾಗಿದೆ.
ಪಂಚ ಗ್ಯಾರಂಟಿ ಯೋಜನೆ ಫಲಾನುಭವಿಗಳ ಸಭೆ
ತಾವರೆಕೆರೆ,ನ.27:ಸರ್ಕಾರದ ಪಂಚ ಗ್ಯಾರಂಟಿ ಯೋಜನೆಗಳು ನಿಜವಾದ ಫಲಾನುಭವಿಗಳಿಗೆ ತಲುಪುವಂತೆ ಅಧಿಕಾರಿಗಳು ಕ್ರಮವಹಿಸಿ, ಅರ್ಹ ಫಲಾನುಭವಿಗಳಿಗೆ ಗ್ಯಾರಂಟಿ ಯೋಜನೆ ಸೌಲಭ್ಯ ದೊರೆಯಬೇಕು ಎಂದು ತಾಲ್ಲೂಕು ಗ್ಯಾರಂಟಿ ಯೋಜನೆ ಸಮಿತಿ ಅಧ್ಯಕ್ಷ ಚಿಕ್ಕಣ್ಣ ತಿಳಿಸಿದರು.
ಕೆಲವು ಸಭೆಗಳಿಗೆ ಸೀಮಿತವಾಗದೆ ಗ್ಯಾರಂಟಿ ಯೋಜನೆಗಳನ್ನು ನಿಜವಾದ ಫಲಾನುಭವಿಗಳಿಗೆ ತಲುಪಿಸಲು ಅಧಿಕಾರಿಗಳು ಮುಂದಾಗಬೇಕು. ಗೃಹಲಕ್ಷ್ಮಿ, ಗೃಹಜ್ಯೋತಿ, ಅನ್ನಭಾಗ್ಯ, ಶಕ್ತಿ ಮತ್ತು ಯುವನಿಧಿ ಯೋಜನೆಗಳ ಪ್ರಗತಿ ಕುರಿತು ಚರ್ಚಿಸಲಾಯಿತು.
ಗ್ಯಾರಂಟಿ ಯೋಜನೆಗಳ ಜಿಲ್ಲಾ ಉಪಾಧ್ಯಕ್ಷ ಸುರೇಶ್, ತಾಲ್ಲೂಕು ಪಂಚಾಯಿತಿ ಇಒ, ಗ್ರಾಮ ಪಂಚಾಯಿತಿ ಅಧ್ಯಕ್ಷರು, ಸದಸ್ಯರು, ಫಲಾನುಭವಿಗಳು ಸಭೆಯಲ್ಲಿ ಭಾಗವಹಿಸಿದ್ದರು. ಗ್ರಾಮ ಅಧ್ಯಕ್ಷೆ ಪ್ರಿಯಾಂಕಾ ರಮೇಶ್, ಪಿಡಿಒ ಮಂಜುನಾಥ್ ಉಪಸ್ಥಿತರಿದ್ದರು.
ಶ್ರೀ ಅಂಕಣಾಳೇಶ್ವರ ಸ್ವಾಮಿ ಪ್ರಸನ್ನ
ಎಸ್.ಆರ್.ಮಿಲ್ಟ್ರಿ ಹೋಟೆಲ್
ಸಿಟಿಲ್ ಮತ್ತು ಕೆಂಪೇಗೌಡನ ಬಸ್ ನಿಲ್ದಾಣ ಸಮೀಪ,
ಬನಶಂಕರಿ ರಸ್ತೆ, ತುಮಕೂರು
ಪ್ರತಿದಿನ ಬೆಳಗ್ಗೆ 10 ರಿಂದ ರಾತ್ರಿ 10.30 ಗಂಟೆವರೆಗೆ
ಬೆಳಗ್ಗೆ: 10 ರಿಂದ ಚಿಕನ್ ಬಿರಿಯಾನಿ, ಮಟನ್ ಬಿರಿಯಾನಿ, ಮತ್ತು ಕಾಲ್ ಸೂಪ್ ದೊರೆಯುತ್ತದೆ
ಮಧ್ಯಾಹ್ನ: ಮುದ್ದೆ ಊಟ, ಮಟನ್ ಊಟ, ಚಿಕನ್ ಊಟ, ಬೋಟಿ ಊಟ, ತಲೆಮಾಂಸ ಊಟ, ಚಿಕನ್ ಮಸಾಲ ಊಟ, ಮಟನ್ ಮಸಾಲ ಊಟ, ಚಪಾತಿ, ಪರೋಟ, ಫಿಶ್ ಫ್ರೈ, ಚಿಕನ್ ಫ್ರೈ, ಮಟನ್ ಫ್ರೈ, ಬೋಟಿ ಫ್ರೈ, ತಲೆಮಾಂಸ ಫ್ರೈ, ಮಟನ್ ಡ್ರೈ, ಚಿಕನ್ ಡ್ರೈ, ಬೋಟಿ ಡ್ರೈ, ಎಗ್ ಮಸಾಲ, ಎಗ್ ಫ್ರೈ, ಚಿಕನ್ ಕಬಾಬ್, ಚಿಕನ್ ಫ್ರೈಡ್ ರೈಸ್
ಸೋಮವಾರವೂ ತೆರೆದಿರುತ್ತದೆ
Non Veg Only
ಪಾರ್ಸೆಲ್ ದೊರೆಯುತ್ತದೆ ಸಂಪರ್ಕಿಸಿ
9986776520
